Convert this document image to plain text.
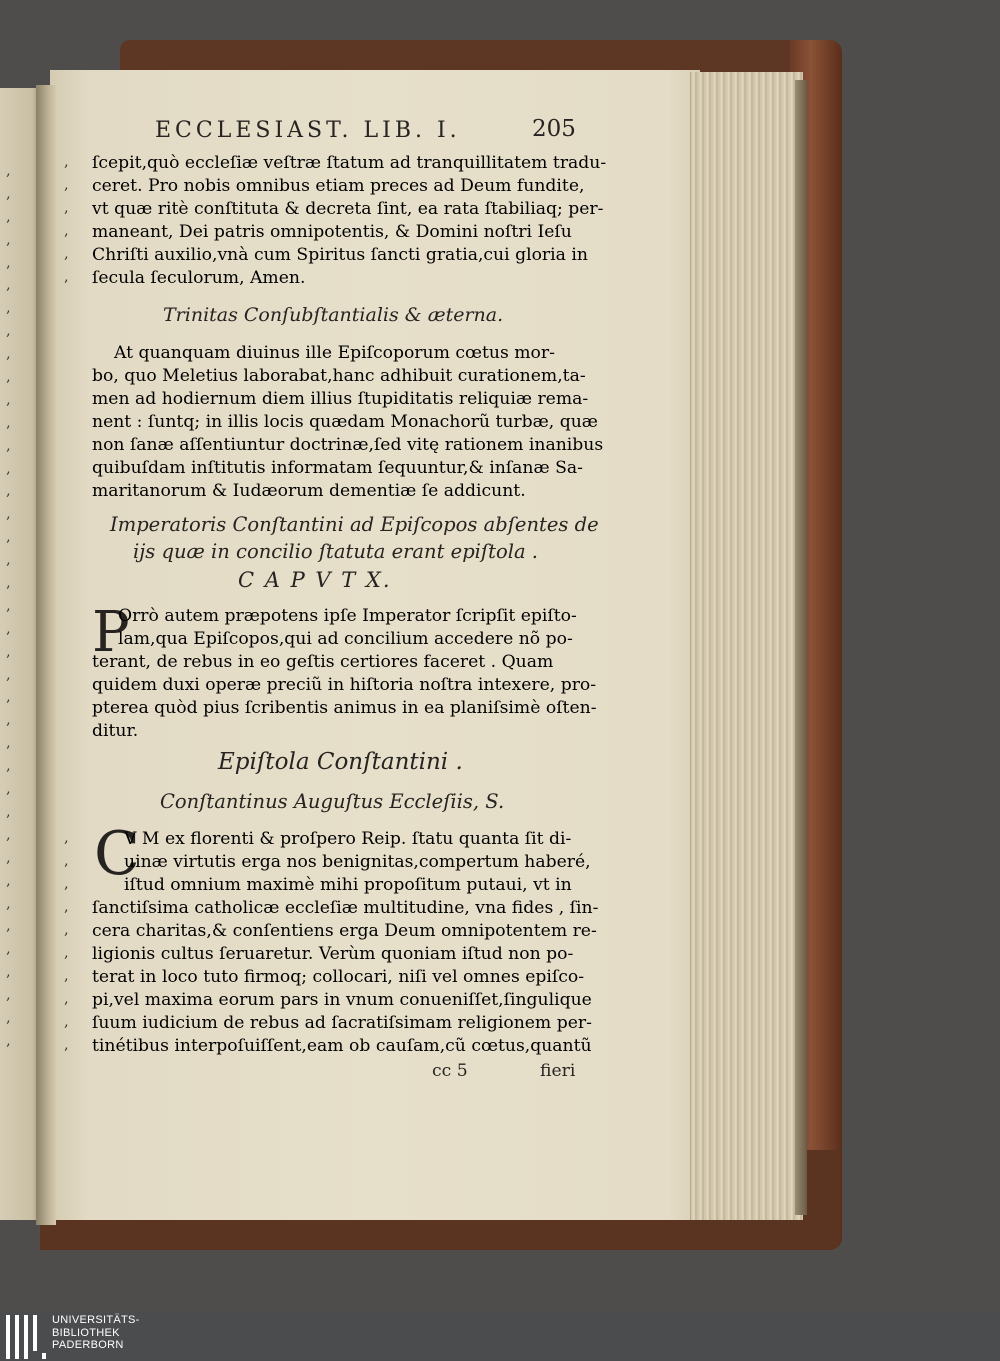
‚
‚
‚
‚
‚
‚
‚
‚
‚
‚
‚
‚
‚
‚
‚
‚
‚
‚
‚
‚
‚
‚
‚
‚
‚
‚
‚
‚
‚
‚
‚
‚
‚
‚
‚
‚
‚
‚
‚
ECCLESIAST. LIB. I.	205
ſcepit,quò eccleſiæ veſtræ ſtatum ad tranquillitatem tradu-
ceret. Pro nobis omnibus etiam preces ad Deum fundite,
vt quæ ritè conſtituta & decreta ſint, ea rata ſtabiliaq; per-
maneant, Dei patris omnipotentis, & Domini noſtri Ieſu
Chriſti auxilio,vnà cum Spiritus ſancti gratia,cui gloria in
ſecula ſeculorum, Amen.
‚
‚
‚
‚
‚
‚
Trinitas Conſubſtantialis & æterna.
At quanquam diuinus ille Epiſcoporum cœtus mor-
bo, quo Meletius laborabat,hanc adhibuit curationem,ta-
men ad hodiernum diem illius ſtupiditatis reliquiæ rema-
nent : ſuntq; in illis locis quædam Monachorũ turbæ, quæ
non ſanæ aſſentiuntur doctrinæ,ſed vitę rationem inanibus
quibuſdam inſtitutis informatam ſequuntur,& inſanæ Sa-
maritanorum & Iudæorum dementiæ ſe addicunt.
Imperatoris Conſtantini ad Epiſcopos abſentes de
ijs quæ in concilio ſtatuta erant epiſtola .
C A P V T X.
P
Orrò autem præpotens ipſe Imperator ſcripſit epiſto-
lam,qua Epiſcopos,qui ad concilium accedere nõ po-
terant, de rebus in eo geſtis certiores faceret . Quam
quidem duxi operæ preciũ in hiſtoria noſtra intexere, pro-
pterea quòd pius ſcribentis animus in ea planiſsimè oſten-
ditur.
Epiſtola Conſtantini .
Conſtantinus Auguſtus Eccleſiis, S.
C
V M ex florenti & proſpero Reip. ſtatu quanta ſit di-
uinæ virtutis erga nos benignitas,compertum haberé,
iſtud omnium maximè mihi propoſitum putaui, vt in
ſanctiſsima catholicæ eccleſiæ multitudine, vna fides , ſin-
cera charitas,& conſentiens erga Deum omnipotentem re-
ligionis cultus ſeruaretur. Verùm quoniam iſtud non po-
terat in loco tuto firmoq; collocari, niſi vel omnes epiſco-
pi,vel maxima eorum pars in vnum conueniſſet,ſingulique
ſuum iudicium de rebus ad ſacratiſsimam religionem per-
tinétibus interpoſuiſſent,eam ob cauſam,cũ cœtus,quantũ
‚
‚
‚
‚
‚
‚
‚
‚
‚
‚
cc 5	fieri
UNIVERSITÄTS-
BIBLIOTHEK
PADERBORN
